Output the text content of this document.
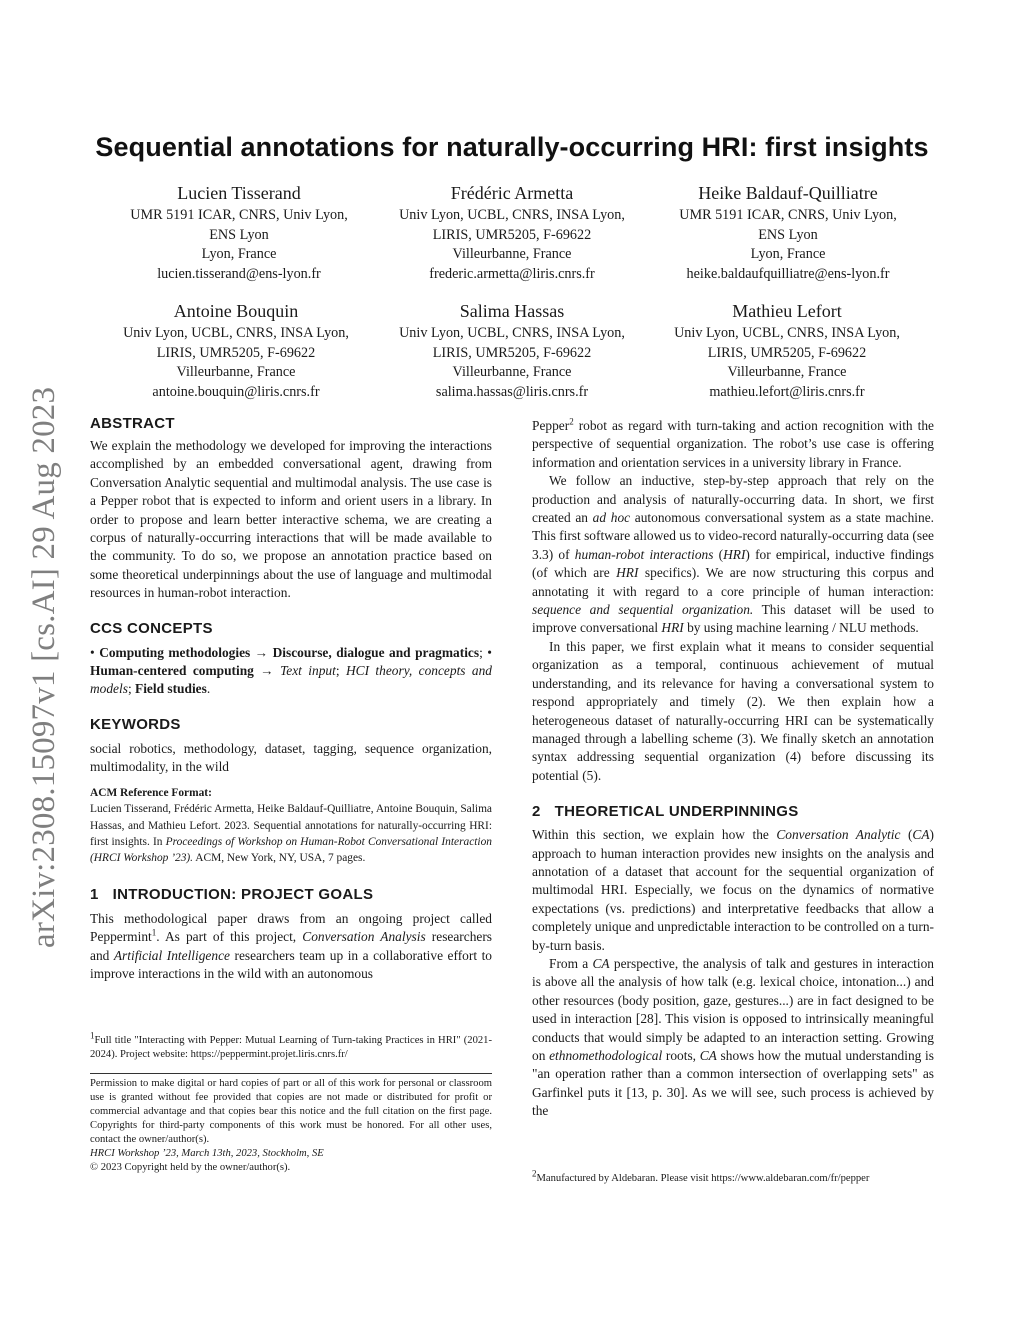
arXiv:2308.15097v1 [cs.AI] 29 Aug 2023
Sequential annotations for naturally-occurring HRI: first insights
Lucien Tisserand
UMR 5191 ICAR, CNRS, Univ Lyon,
ENS Lyon
Lyon, France
lucien.tisserand@ens-lyon.fr
Frédéric Armetta
Univ Lyon, UCBL, CNRS, INSA Lyon,
LIRIS, UMR5205, F-69622
Villeurbanne, France
frederic.armetta@liris.cnrs.fr
Heike Baldauf-Quilliatre
UMR 5191 ICAR, CNRS, Univ Lyon,
ENS Lyon
Lyon, France
heike.baldaufquilliatre@ens-lyon.fr
Antoine Bouquin
Univ Lyon, UCBL, CNRS, INSA Lyon,
LIRIS, UMR5205, F-69622
Villeurbanne, France
antoine.bouquin@liris.cnrs.fr
Salima Hassas
Univ Lyon, UCBL, CNRS, INSA Lyon,
LIRIS, UMR5205, F-69622
Villeurbanne, France
salima.hassas@liris.cnrs.fr
Mathieu Lefort
Univ Lyon, UCBL, CNRS, INSA Lyon,
LIRIS, UMR5205, F-69622
Villeurbanne, France
mathieu.lefort@liris.cnrs.fr
ABSTRACT

We explain the methodology we developed for improving the interactions accomplished by an embedded conversational agent, drawing from Conversation Analytic sequential and multimodal analysis. The use case is a Pepper robot that is expected to inform and orient users in a library. In order to propose and learn better interactive schema, we are creating a corpus of naturally-occurring interactions that will be made available to the community. To do so, we propose an annotation practice based on some theoretical underpinnings about the use of language and multimodal resources in human-robot interaction.

CCS CONCEPTS

• Computing methodologies → Discourse, dialogue and pragmatics; • Human-centered computing → Text input; HCI theory, concepts and models; Field studies.

KEYWORDS

social robotics, methodology, dataset, tagging, sequence organization, multimodality, in the wild

ACM Reference Format:

Lucien Tisserand, Frédéric Armetta, Heike Baldauf-Quilliatre, Antoine Bouquin, Salima Hassas, and Mathieu Lefort. 2023. Sequential annotations for naturally-occurring HRI: first insights. In Proceedings of Workshop on Human-Robot Conversational Interaction (HRCI Workshop ’23). ACM, New York, NY, USA, 7 pages.

1 INTRODUCTION: PROJECT GOALS

This methodological paper draws from an ongoing project called Peppermint$^1$. As part of this project, Conversation Analysis researchers and Artificial Intelligence researchers team up in a collaborative effort to improve interactions in the wild with an autonomous

$^1$Full title "Interacting with Pepper: Mutual Learning of Turn-taking Practices in HRI" (2021-2024). Project website: https://peppermint.projet.liris.cnrs.fr/

Permission to make digital or hard copies of part or all of this work for personal or classroom use is granted without fee provided that copies are not made or distributed for profit or commercial advantage and that copies bear this notice and the full citation on the first page. Copyrights for third-party components of this work must be honored. For all other uses, contact the owner/author(s).

HRCI Workshop ’23, March 13th, 2023, Stockholm, SE
© 2023 Copyright held by the owner/author(s).

Pepper$^2$ robot as regard with turn-taking and action recognition with the perspective of sequential organization. The robot’s use case is offering information and orientation services in a university library in France.

We follow an inductive, step-by-step approach that rely on the production and analysis of naturally-occurring data. In short, we first created an ad hoc autonomous conversational system as a state machine. This first software allowed us to video-record naturally-occurring data (see 3.3) of human-robot interactions (HRI) for empirical, inductive findings (of which are HRI specifics). We are now structuring this corpus and annotating it with regard to a core principle of human interaction: sequence and sequential organization. This dataset will be used to improve conversational HRI by using machine learning / NLU methods.

In this paper, we first explain what it means to consider sequential organization as a temporal, continuous achievement of mutual understanding, and its relevance for having a conversational system to respond appropriately and timely (2). We then explain how a heterogeneous dataset of naturally-occurring HRI can be systematically managed through a labelling scheme (3). We finally sketch an annotation syntax addressing sequential organization (4) before discussing its potential (5).

2 THEORETICAL UNDERPINNINGS

Within this section, we explain how the Conversation Analytic (CA) approach to human interaction provides new insights on the analysis and annotation of a dataset that account for the sequential organization of multimodal HRI. Especially, we focus on the dynamics of normative expectations (vs. predictions) and interpretative feedbacks that allow a completely unique and unpredictable interaction to be controlled on a turn-by-turn basis.

From a CA perspective, the analysis of talk and gestures in interaction is above all the analysis of how talk (e.g. lexical choice, intonation...) and other resources (body position, gaze, gestures...) are in fact designed to be used in interaction [28]. This vision is opposed to intrinsically meaningful conducts that would simply be adapted to an interaction setting. Growing on ethnomethodological roots, CA shows how the mutual understanding is "an operation rather than a common intersection of overlapping sets" as Garfinkel puts it [13, p. 30]. As we will see, such process is achieved by the

$^2$Manufactured by Aldebaran. Please visit https://www.aldebaran.com/fr/pepper
